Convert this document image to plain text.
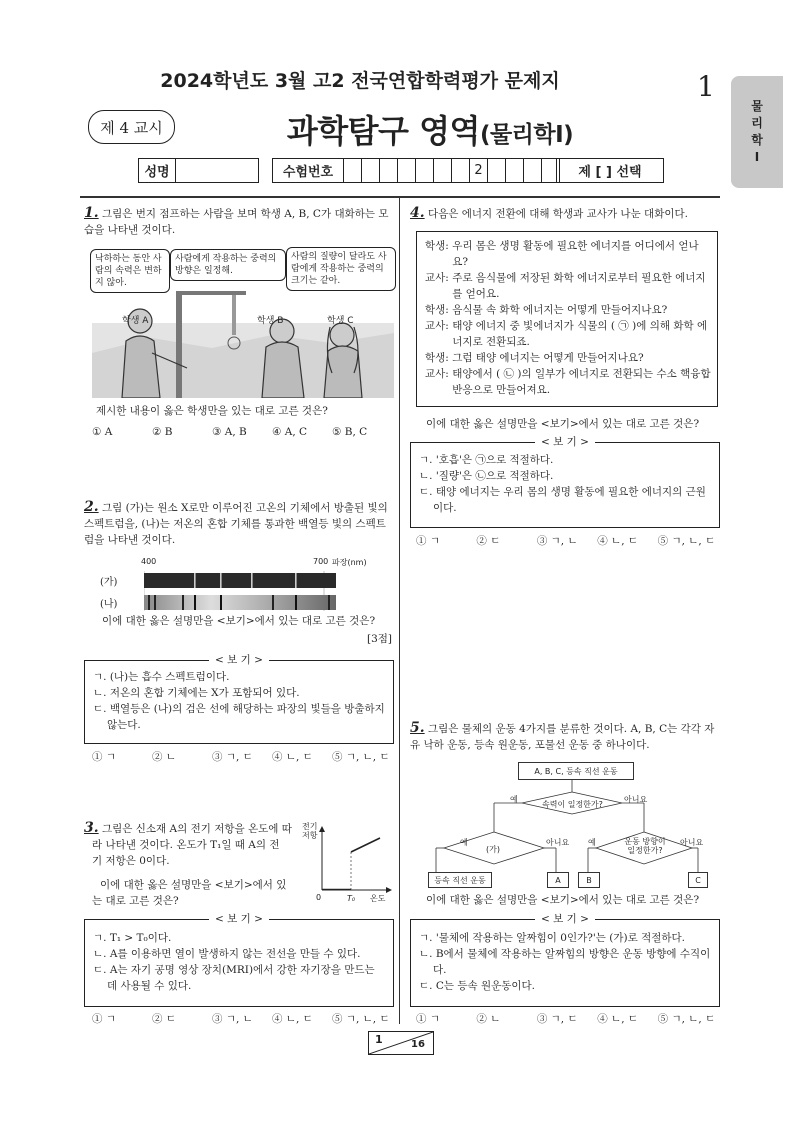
2024학년도 3월 고2 전국연합학력평가 문제지	1
제 4 교시	과학탐구 영역(물리학Ⅰ)
물
리
학
Ⅰ
성명	수험번호	2	제 [ ] 선택
1. 그림은 번지 점프하는 사람을 보며 학생 A, B, C가 대화하는 모습을 나타낸 것이다.
낙하하는 동안 사람의 속력은 변하지 않아.
사람에게 작용하는 중력의 방향은 일정해.
사람의 질량이 달라도 사람에게 작용하는 중력의 크기는 같아.
학생 A	학생 B	학생 C
제시한 내용이 옳은 학생만을 있는 대로 고른 것은?
① A	② B	③ A, B	④ A, C	⑤ B, C
2. 그림 (가)는 원소 X로만 이루어진 고온의 기체에서 방출된 빛의 스펙트럼을, (나)는 저온의 혼합 기체를 통과한 백열등 빛의 스펙트럼을 나타낸 것이다.
400	700 파장(nm)
(가)
(나)
이에 대한 옳은 설명만을 <보기>에서 있는 대로 고른 것은?
[3점]
< 보 기 >

ㄱ. (나)는 흡수 스펙트럼이다.

ㄴ. 저온의 혼합 기체에는 X가 포함되어 있다.

ㄷ. 백열등은 (나)의 검은 선에 해당하는 파장의 빛들을 방출하지 않는다.

① ㄱ	② ㄴ	③ ㄱ, ㄷ	④ ㄴ, ㄷ	⑤ ㄱ, ㄴ, ㄷ

3. 그림은 신소재 A의 전기 저항을 온도에 따

라 나타낸 것이다. 온도가 T₁일 때 A의 전

기 저항은 0이다.

이에 대한 옳은 설명만을 <보기>에서 있

는 대로 고른 것은?

전기
저항
0	T₀ 온도
< 보 기 >

ㄱ. T₁ > T₀이다.

ㄴ. A를 이용하면 열이 발생하지 않는 전선을 만들 수 있다.

ㄷ. A는 자기 공명 영상 장치(MRI)에서 강한 자기장을 만드는 데 사용될 수 있다.

① ㄱ	② ㄷ	③ ㄱ, ㄴ	④ ㄴ, ㄷ	⑤ ㄱ, ㄴ, ㄷ
4. 다음은 에너지 전환에 대해 학생과 교사가 나눈 대화이다.
학생 : 우리 몸은 생명 활동에 필요한 에너지를 어디에서 얻나요?
교사 : 주로 음식물에 저장된 화학 에너지로부터 필요한 에너지를 얻어요.
학생 : 음식물 속 화학 에너지는 어떻게 만들어지나요?
교사 : 태양 에너지 중 빛에너지가 식물의 ( ㉠ )에 의해 화학 에너지로 전환되죠.
학생 : 그럼 태양 에너지는 어떻게 만들어지나요?
교사 : 태양에서 ( ㉡ )의 일부가 에너지로 전환되는 수소 핵융합 반응으로 만들어져요.
이에 대한 옳은 설명만을 <보기>에서 있는 대로 고른 것은?
< 보 기 >

ㄱ. '호흡'은 ㉠으로 적절하다.

ㄴ. '질량'은 ㉡으로 적절하다.

ㄷ. 태양 에너지는 우리 몸의 생명 활동에 필요한 에너지의 근원이다.

① ㄱ	② ㄷ	③ ㄱ, ㄴ	④ ㄴ, ㄷ	⑤ ㄱ, ㄴ, ㄷ
5. 그림은 물체의 운동 4가지를 분류한 것이다. A, B, C는 각각 자유 낙하 운동, 등속 원운동, 포물선 운동 중 하나이다.
A, B, C, 등속 직선 운동
속력이 일정한가?
예	아니요
(가)
운동 방향이 일정한가?
예	아니요 예	아니요
등속 직선 운동	A	B	C
이에 대한 옳은 설명만을 <보기>에서 있는 대로 고른 것은?
< 보 기 >

ㄱ. '물체에 작용하는 알짜힘이 0인가?'는 (가)로 적절하다.

ㄴ. B에서 물체에 작용하는 알짜힘의 방향은 운동 방향에 수직이다.

ㄷ. C는 등속 원운동이다.

① ㄱ	② ㄴ	③ ㄱ, ㄷ	④ ㄴ, ㄷ	⑤ ㄱ, ㄴ, ㄷ
1	16
